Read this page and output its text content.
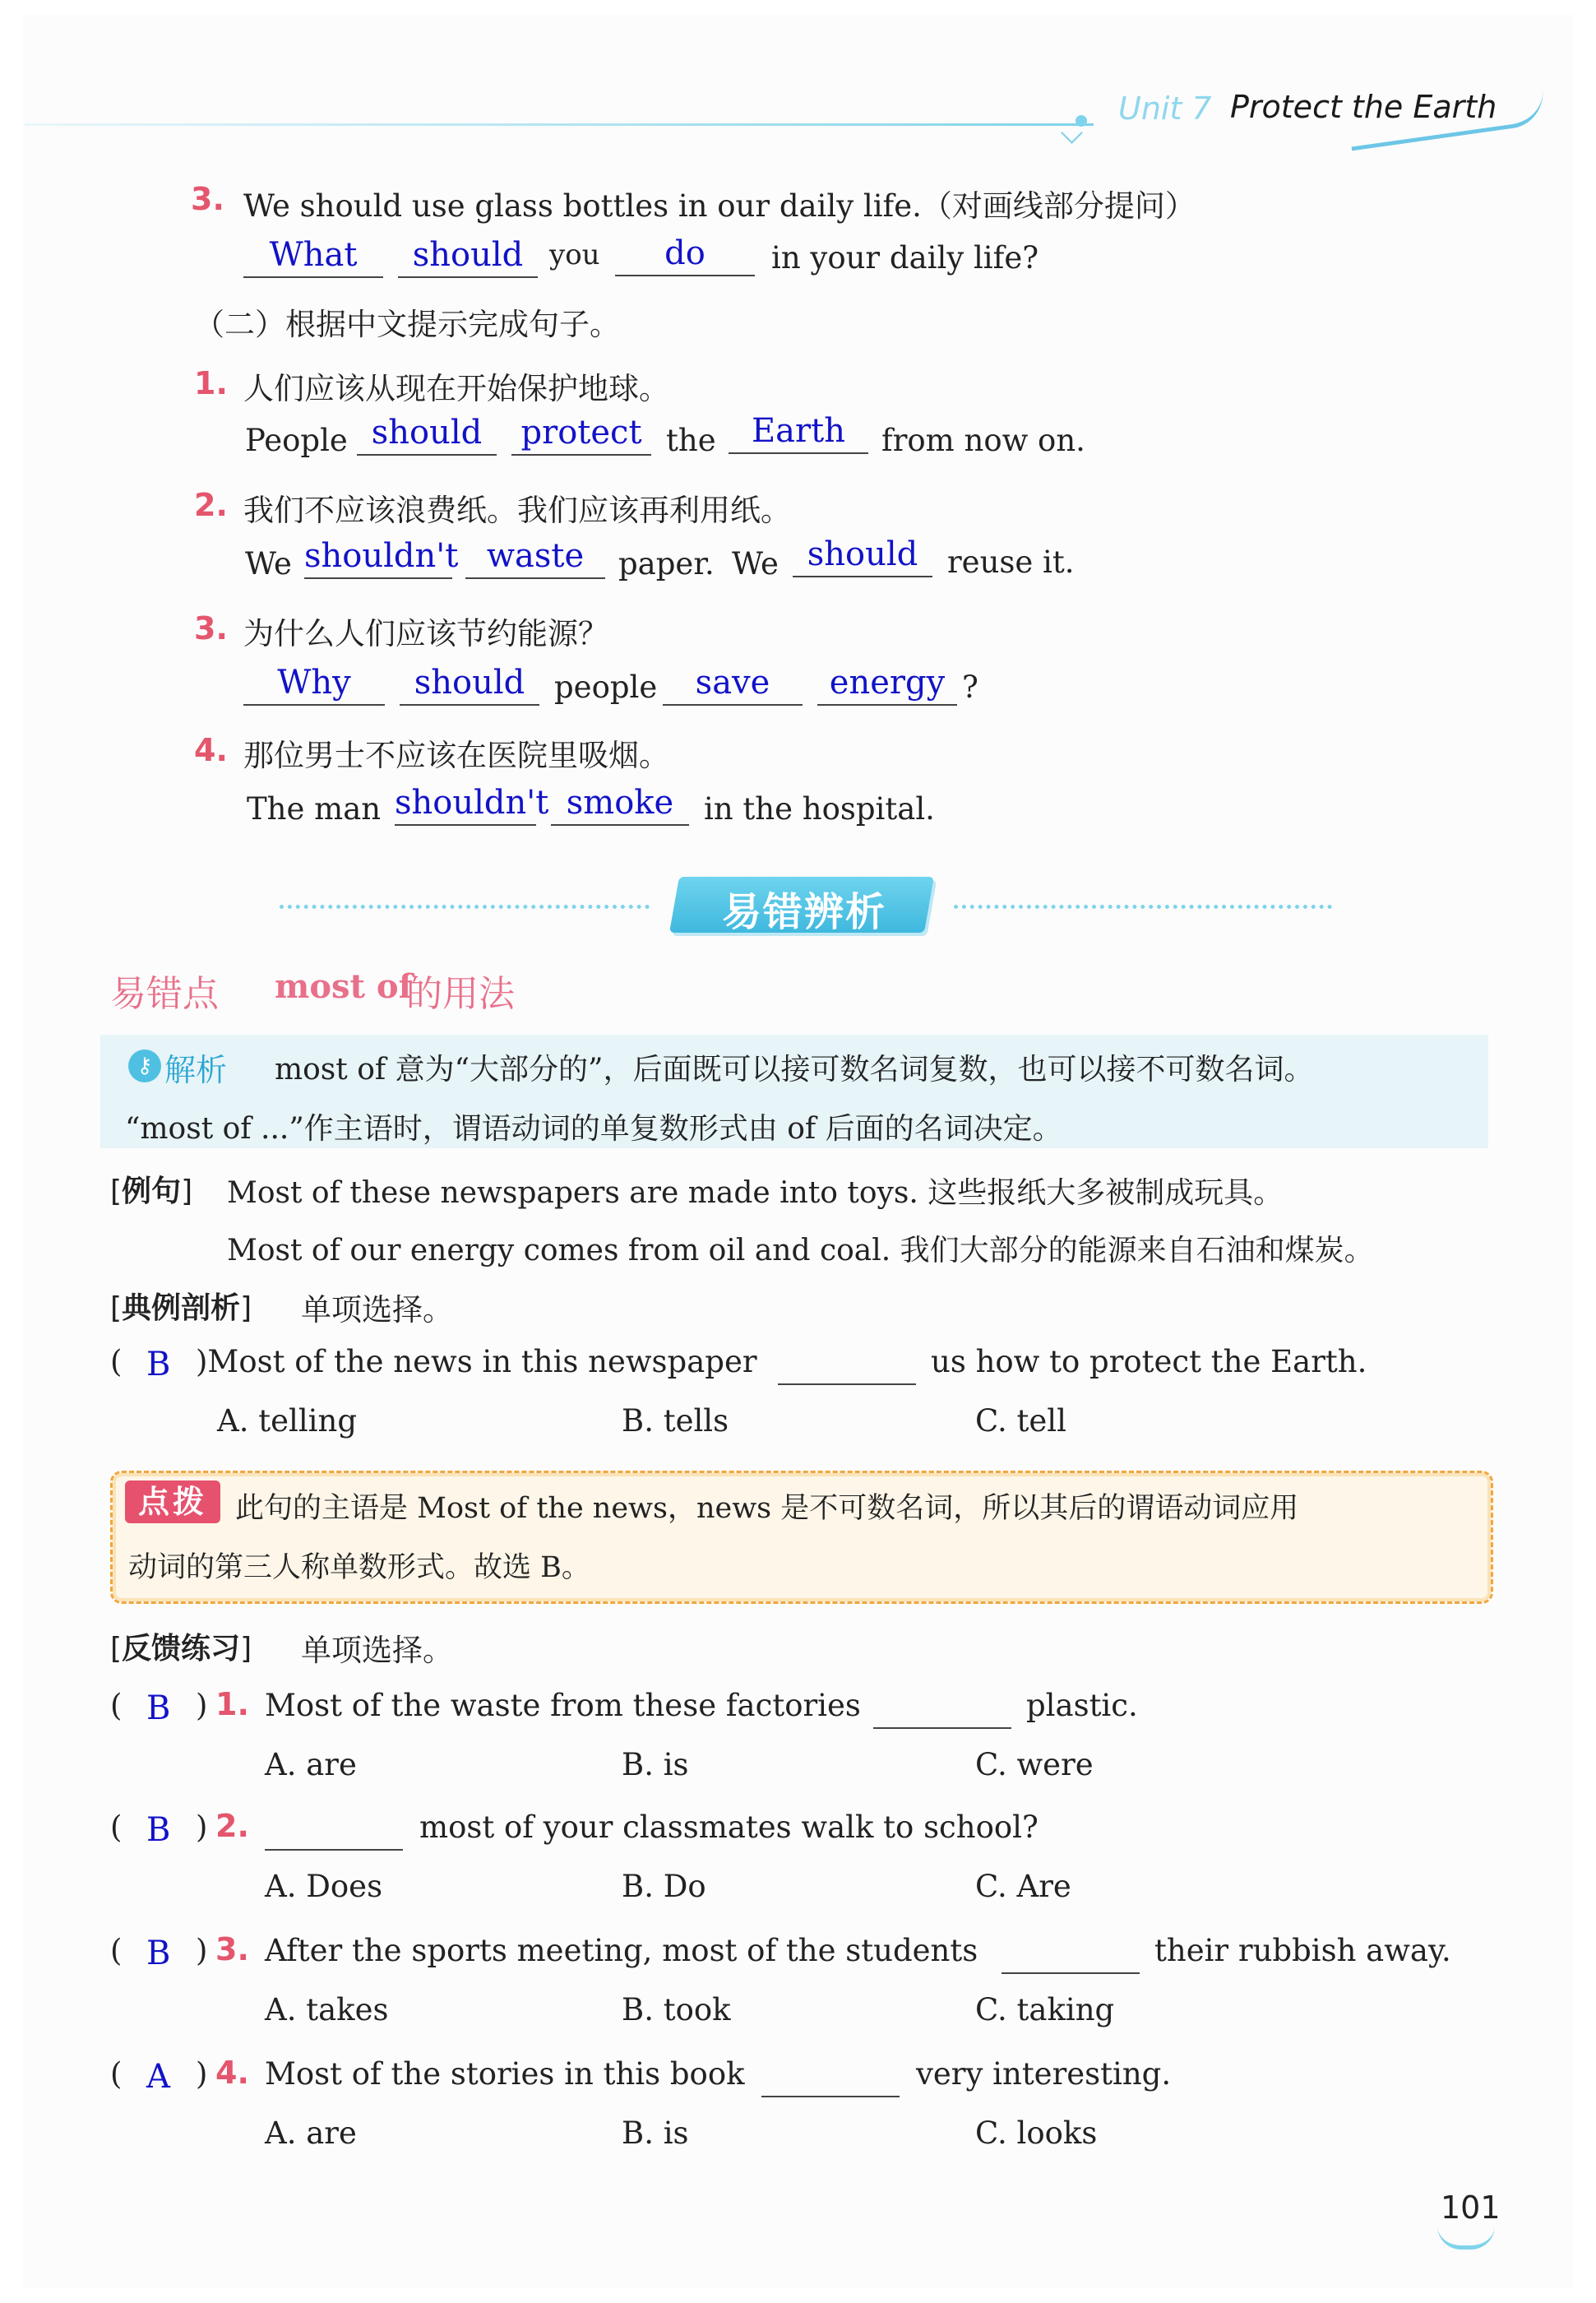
Unit 7 Protect the Earth
3. We should use glass bottles in our daily life.（对画线部分提问）
What	should you	do	in your daily life?
（二）根据中文提示完成句子。
1. 人们应该从现在开始保护地球。
People should	protect the	Earth	from now on.
2. 我们不应该浪费纸。我们应该再利用纸。
We shouldn't waste	paper. We should reuse it.
3. 为什么人们应该节约能源？
Why	should people	save	energy ?
4. 那位男士不应该在医院里吸烟。
The man shouldn't smoke in the hospital.
易错辨析
易错点 most of
的用法
⚷ 解析 most of 意为“大部分的”，后面既可以接可数名词复数，也可以接不可数名词。
“most of ...”作主语时，谓语动词的单复数形式由 of 后面的名词决定。
[例句] Most of these newspapers are made into toys. 这些报纸大多被制成玩具。
Most of our energy comes from oil and coal. 我们大部分的能源来自石油和煤炭。
[典例剖析] 单项选择。
( B )Most of the news in this newspaper	us how to protect the Earth.
A. telling	B. tells	C. tell
点拨 此句的主语是 Most of the news，news 是不可数名词，所以其后的谓语动词应用
动词的第三人称单数形式。故选 B。
[反馈练习] 单项选择。
( B ) 1. Most of the waste from these factories	plastic.
A. are	B. is	C. were
( B ) 2.	most of your classmates walk to school?
A. Does	B. Do	C. Are
( B ) 3. After the sports meeting, most of the students	their rubbish away.
A. takes	B. took	C. taking
( A ) 4. Most of the stories in this book	very interesting.
A. are	B. is	C. looks
101
